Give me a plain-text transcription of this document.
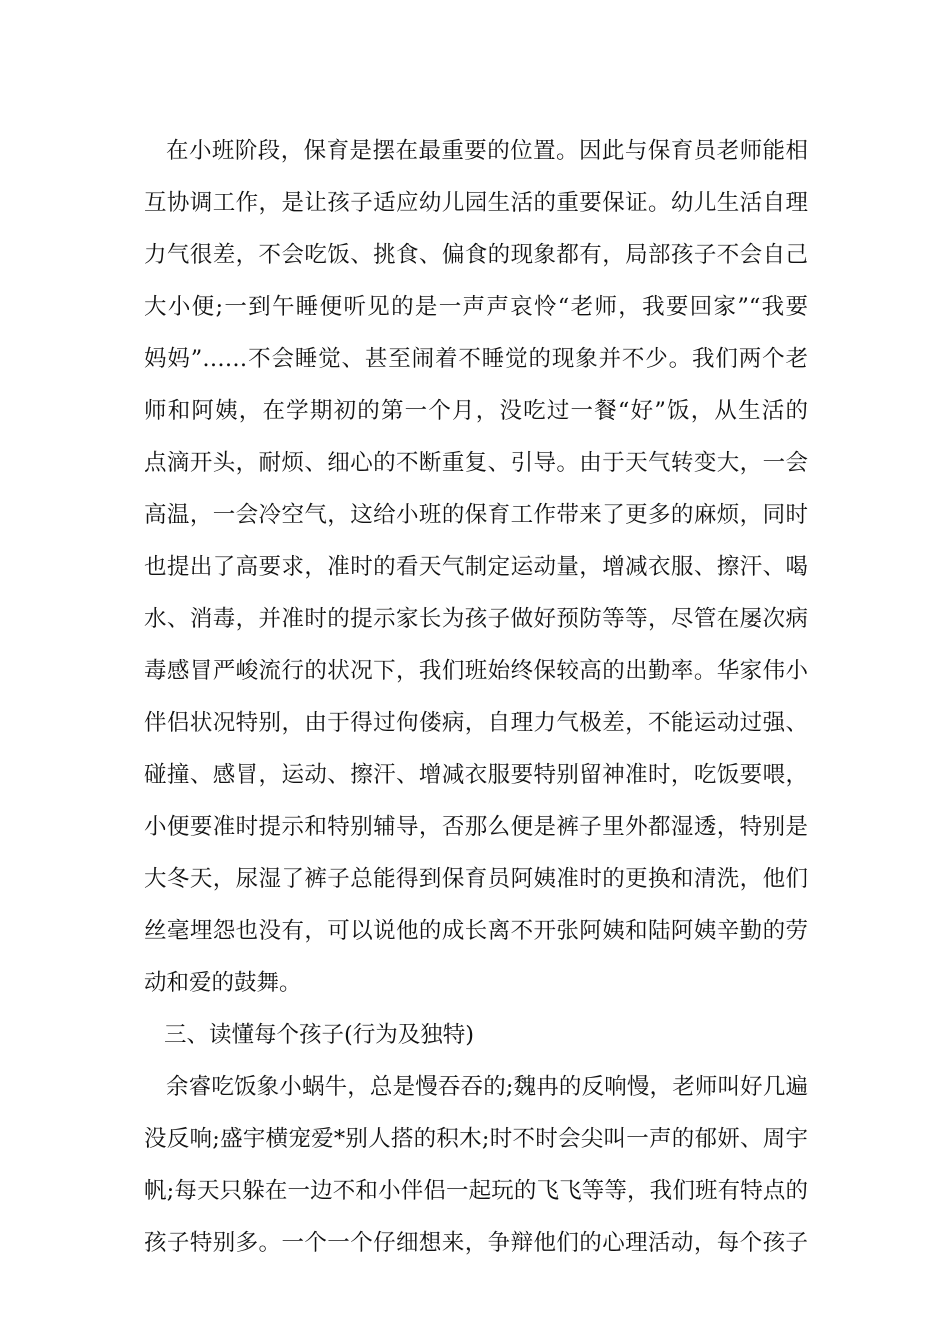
在小班阶段，保育是摆在最重要的位置。因此与保育员老师能相
互协调工作，是让孩子适应幼儿园生活的重要保证。幼儿生活自理
力气很差，不会吃饭、挑食、偏食的现象都有，局部孩子不会自己
大小便;一到午睡便听见的是一声声哀怜“老师，我要回家”“我要
妈妈”……不会睡觉、甚至闹着不睡觉的现象并不少。我们两个老
师和阿姨，在学期初的第一个月，没吃过一餐“好”饭，从生活的
点滴开头，耐烦、细心的不断重复、引导。由于天气转变大，一会
高温，一会冷空气，这给小班的保育工作带来了更多的麻烦，同时
也提出了高要求，准时的看天气制定运动量，增减衣服、擦汗、喝
水、消毒，并准时的提示家长为孩子做好预防等等，尽管在屡次病
毒感冒严峻流行的状况下，我们班始终保较高的出勤率。华家伟小
伴侣状况特别，由于得过佝偻病，自理力气极差，不能运动过强、
碰撞、感冒，运动、擦汗、增减衣服要特别留神准时，吃饭要喂，
小便要准时提示和特别辅导，否那么便是裤子里外都湿透，特别是
大冬天，尿湿了裤子总能得到保育员阿姨准时的更换和清洗，他们
丝毫埋怨也没有，可以说他的成长离不开张阿姨和陆阿姨辛勤的劳
动和爱的鼓舞。
三、读懂每个孩子(行为及独特)
余睿吃饭象小蜗牛，总是慢吞吞的;魏冉的反响慢，老师叫好几遍
没反响;盛宇横宠爱*别人搭的积木;时不时会尖叫一声的郁妍、周宇
帆;每天只躲在一边不和小伴侣一起玩的飞飞等等，我们班有特点的
孩子特别多。一个一个仔细想来，争辩他们的心理活动，每个孩子
